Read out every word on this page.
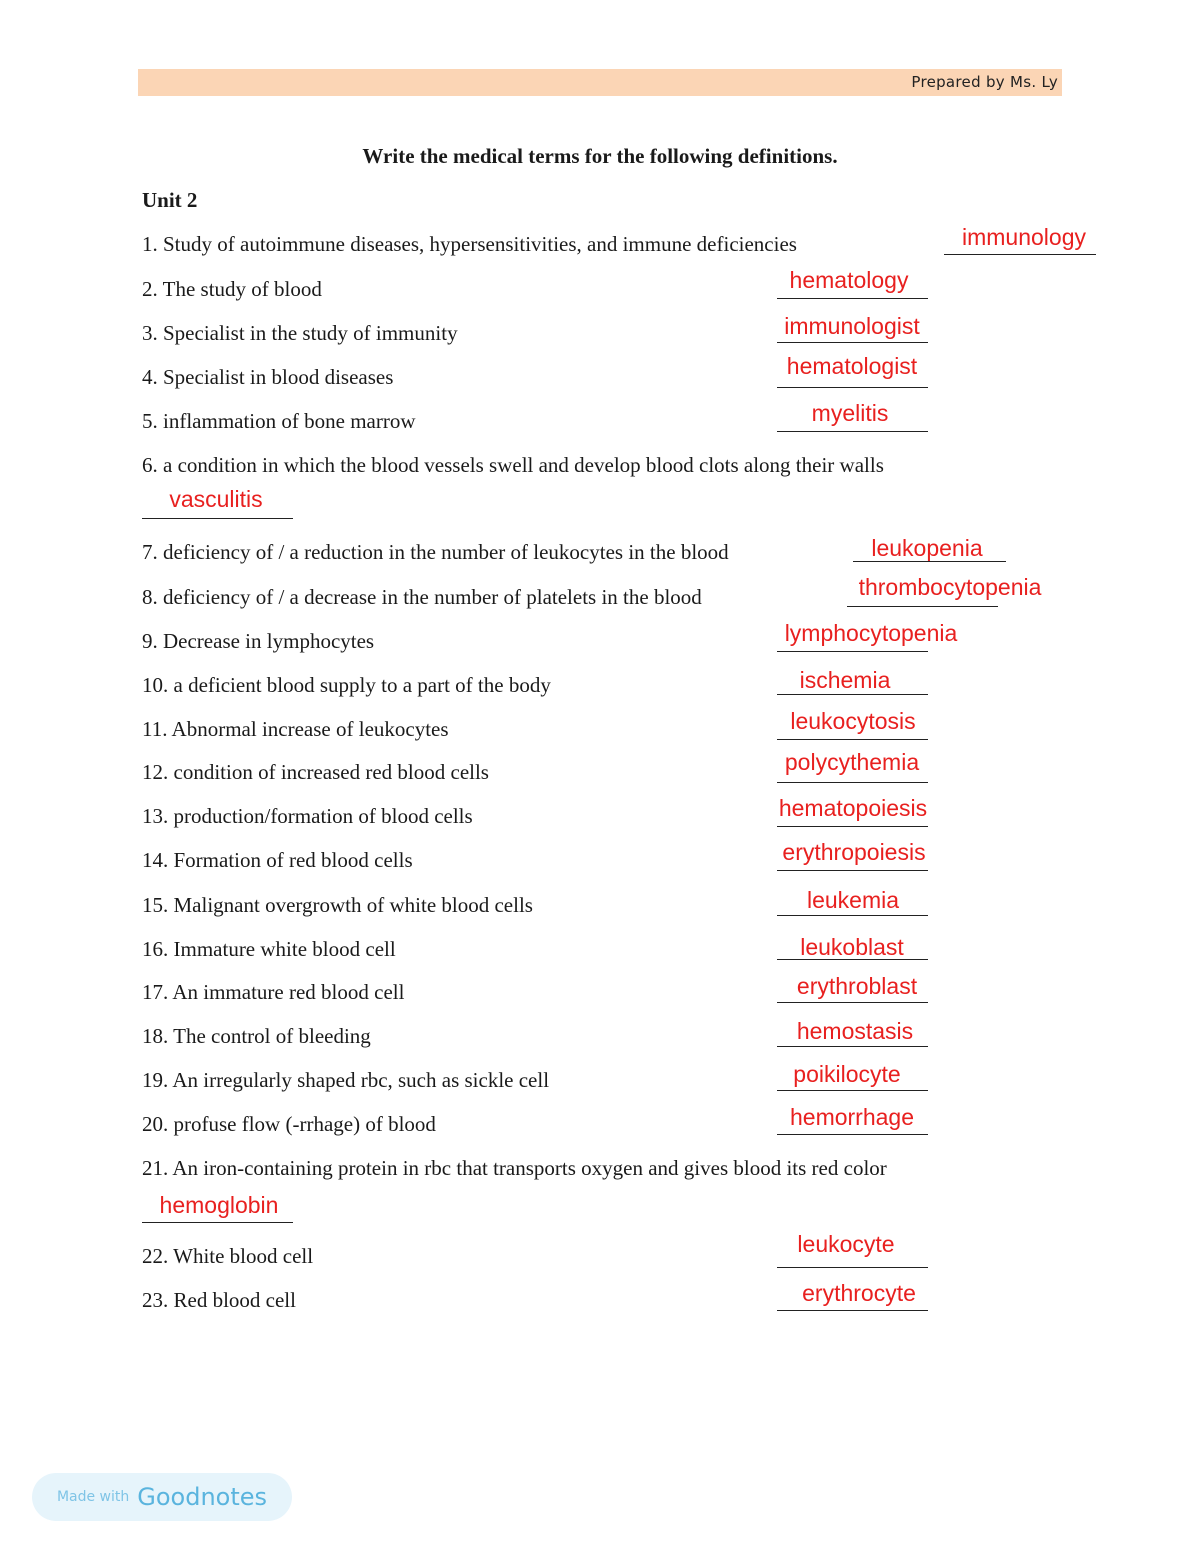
Prepared by Ms. Ly
Write the medical terms for the following definitions.
Unit 2
1. Study of autoimmune diseases, hypersensitivities, and immune deficiencies	immunology
2. The study of blood	hematology
3. Specialist in the study of immunity	immunologist
4. Specialist in blood diseases	hematologist
5. inflammation of bone marrow	myelitis
6. a condition in which the blood vessels swell and develop blood clots along their walls
vasculitis
7. deficiency of / a reduction in the number of leukocytes in the blood	leukopenia
8. deficiency of / a decrease in the number of platelets in the blood	thrombocytopenia
9. Decrease in lymphocytes	lymphocytopenia
10. a deficient blood supply to a part of the body	ischemia
11. Abnormal increase of leukocytes	leukocytosis
12. condition of increased red blood cells	polycythemia
13. production/formation of blood cells	hematopoiesis
14. Formation of red blood cells	erythropoiesis
15. Malignant overgrowth of white blood cells	leukemia
16. Immature white blood cell	leukoblast
17. An immature red blood cell	erythroblast
18. The control of bleeding	hemostasis
19. An irregularly shaped rbc, such as sickle cell	poikilocyte
20. profuse flow (-rrhage) of blood	hemorrhage
21. An iron-containing protein in rbc that transports oxygen and gives blood its red color
hemoglobin
22. White blood cell	leukocyte
23. Red blood cell	erythrocyte
Made with Goodnotes
